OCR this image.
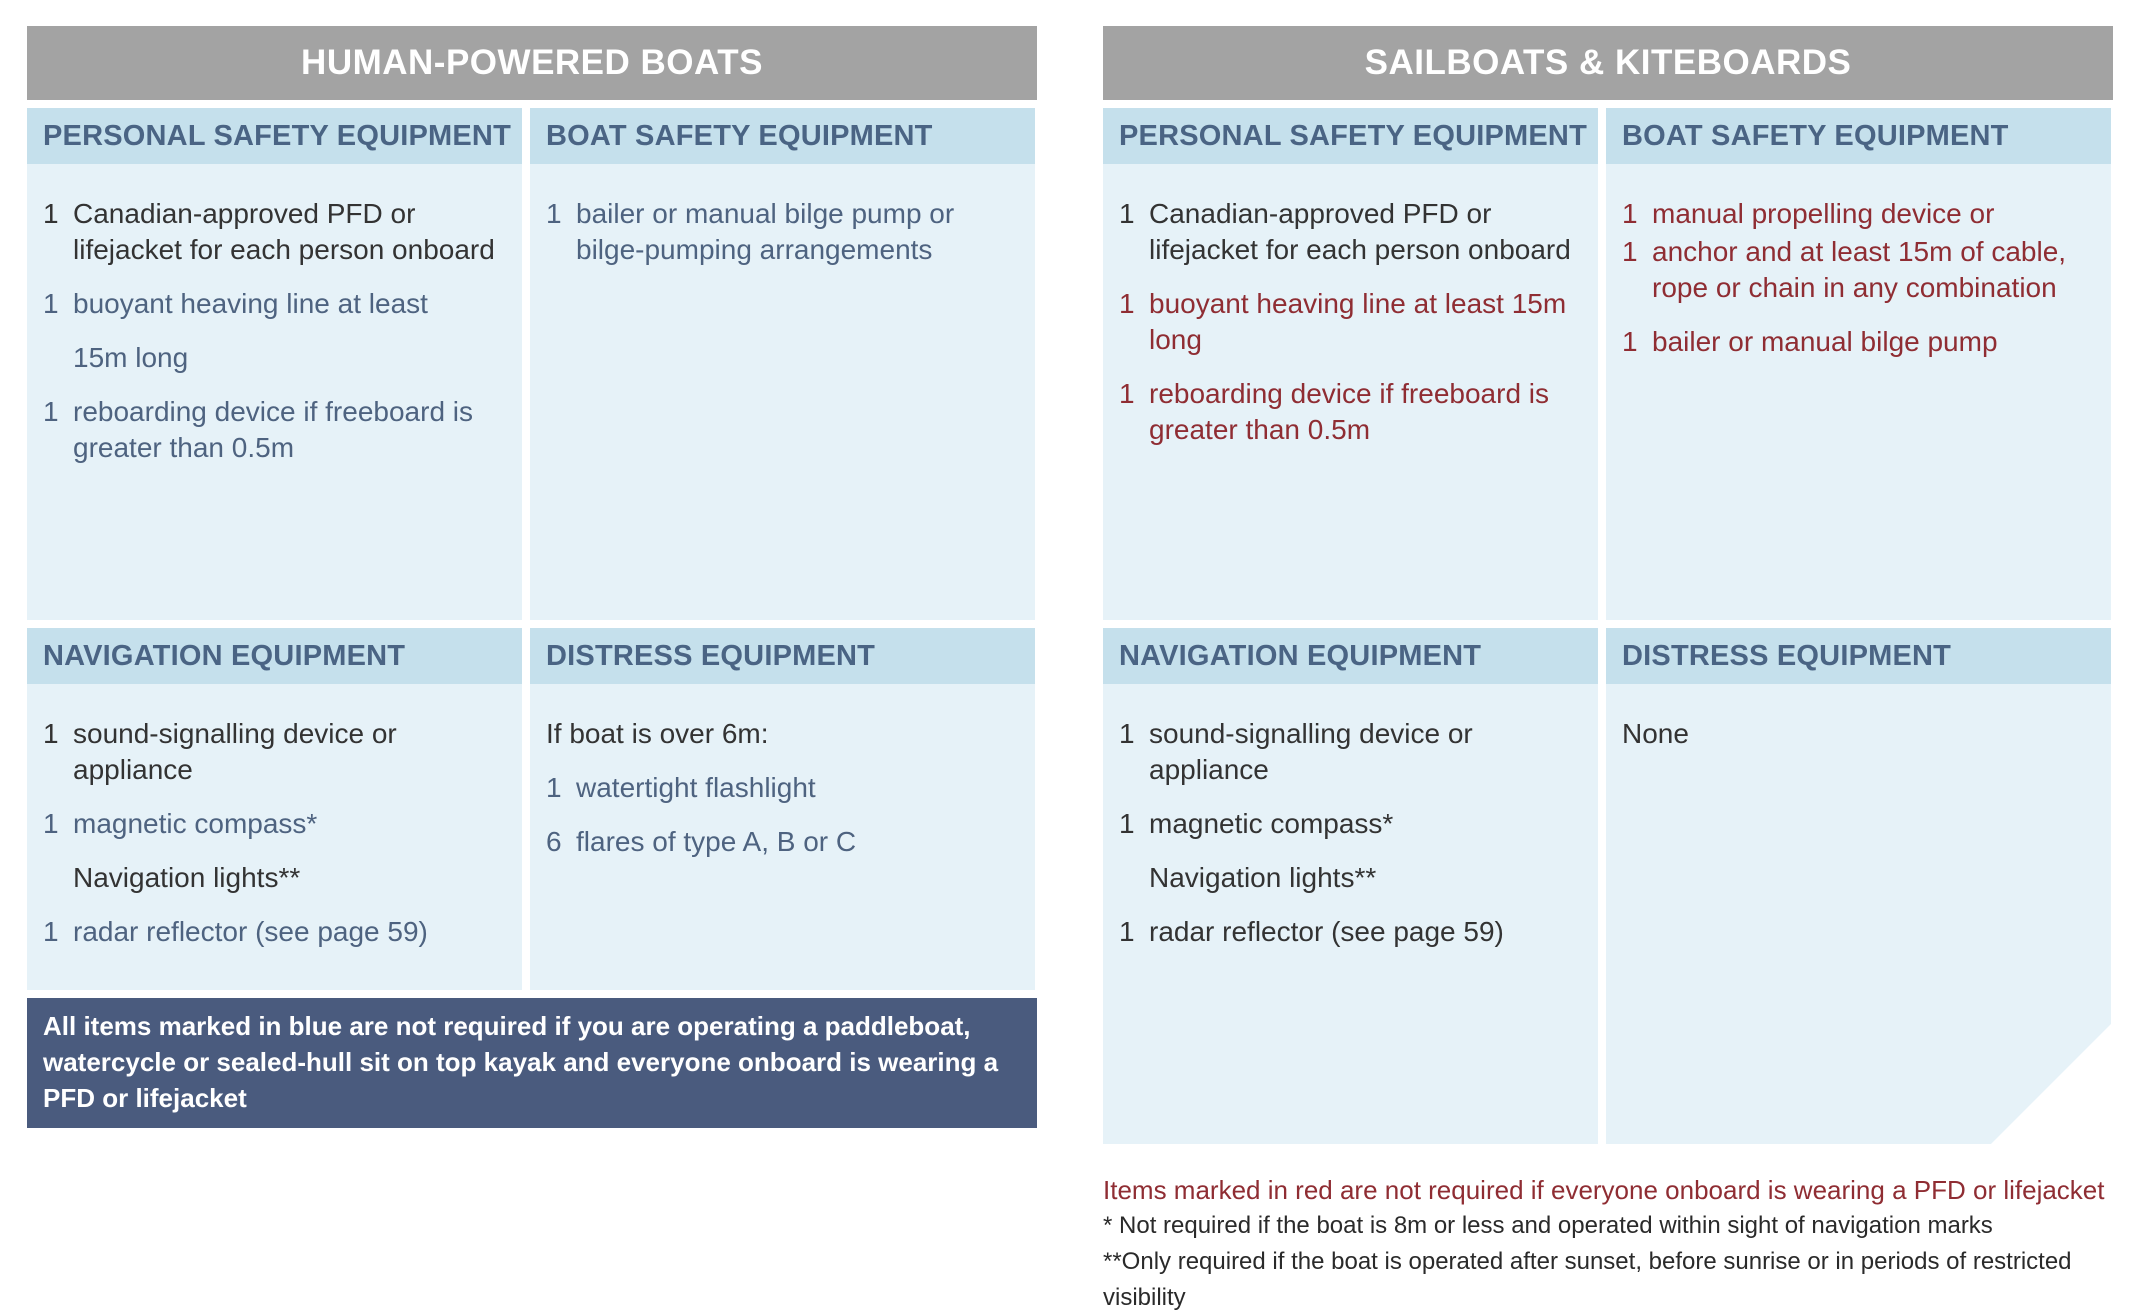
HUMAN-POWERED BOATS
PERSONAL SAFETY EQUIPMENT
1 Canadian-approved PFD or lifejacket for each person onboard
1 buoyant heaving line at least
15m long
1 reboarding device if freeboard is greater than 0.5m
BOAT SAFETY EQUIPMENT
1 bailer or manual bilge pump or bilge-pumping arrangements
NAVIGATION EQUIPMENT
1 sound-signalling device or appliance
1 magnetic compass*
Navigation lights**
1 radar reflector (see page 59)
DISTRESS EQUIPMENT
If boat is over 6m:
1 watertight flashlight
6 flares of type A, B or C
All items marked in blue are not required if you are operating a paddleboat, watercycle or sealed-hull sit on top kayak and everyone onboard is wearing a PFD or lifejacket
SAILBOATS & KITEBOARDS
PERSONAL SAFETY EQUIPMENT
1 Canadian-approved PFD or lifejacket for each person onboard
1 buoyant heaving line at least 15m long
1 reboarding device if freeboard is greater than 0.5m
BOAT SAFETY EQUIPMENT
1 manual propelling device or
1 anchor and at least 15m of cable, rope or chain in any combination
1 bailer or manual bilge pump
NAVIGATION EQUIPMENT
1 sound-signalling device or appliance
1 magnetic compass*
Navigation lights**
1 radar reflector (see page 59)
DISTRESS EQUIPMENT
None
Items marked in red are not required if everyone onboard is wearing a PFD or lifejacket
* Not required if the boat is 8m or less and operated within sight of navigation marks
**Only required if the boat is operated after sunset, before sunrise or in periods of restricted visibility
